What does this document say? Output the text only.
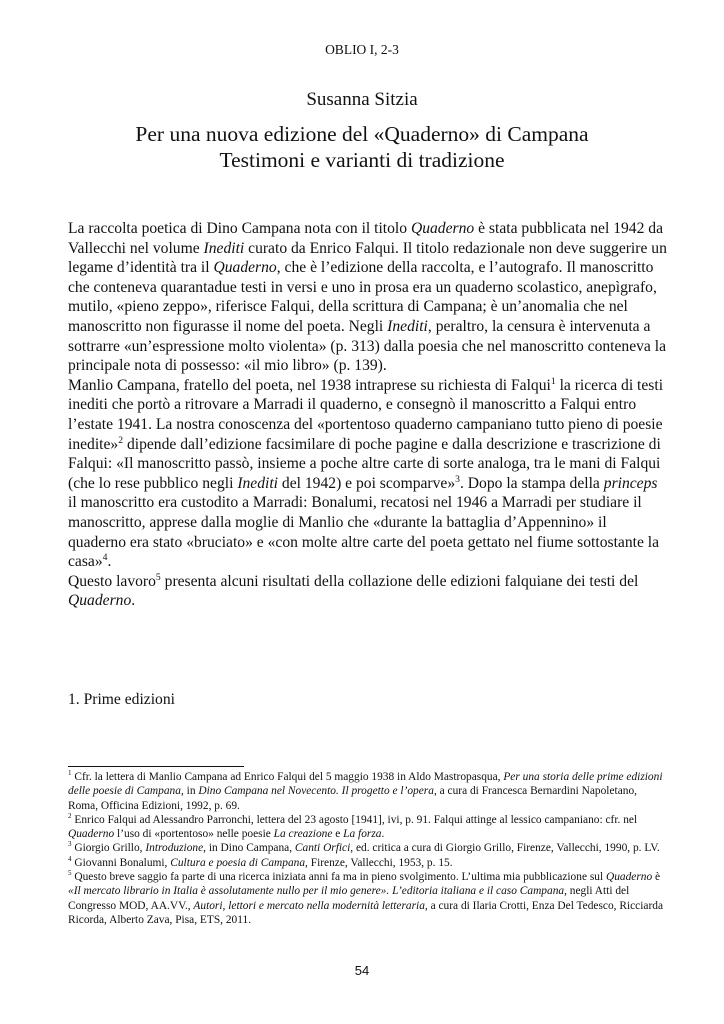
OBLIO I, 2-3
Susanna Sitzia
Per una nuova edizione del «Quaderno» di Campana
Testimoni e varianti di tradizione

La raccolta poetica di Dino Campana nota con il titolo Quaderno è stata pubblicata nel 1942 da Vallecchi nel volume Inediti curato da Enrico Falqui. Il titolo redazionale non deve suggerire un legame d’identità tra il Quaderno, che è l’edizione della raccolta, e l’autografo. Il manoscritto che conteneva quarantadue testi in versi e uno in prosa era un quaderno scolastico, anepìgrafo, mutilo, «pieno zeppo», riferisce Falqui, della scrittura di Campana; è un’anomalia che nel manoscritto non figurasse il nome del poeta. Negli Inediti, peraltro, la censura è intervenuta a sottrarre «un’espressione molto violenta» (p. 313) dalla poesia che nel manoscritto conteneva la principale nota di possesso: «il mio libro» (p. 139).

Manlio Campana, fratello del poeta, nel 1938 intraprese su richiesta di Falqui$^1$ la ricerca di testi inediti che portò a ritrovare a Marradi il quaderno, e consegnò il manoscritto a Falqui entro l’estate 1941. La nostra conoscenza del «portentoso quaderno campaniano tutto pieno di poesie inedite»$^2$ dipende dall’edizione facsimilare di poche pagine e dalla descrizione e trascrizione di Falqui: «Il manoscritto passò, insieme a poche altre carte di sorte analoga, tra le mani di Falqui (che lo rese pubblico negli Inediti del 1942) e poi scomparve»$^3$. Dopo la stampa della princeps il manoscritto era custodito a Marradi: Bonalumi, recatosi nel 1946 a Marradi per studiare il manoscritto, apprese dalla moglie di Manlio che «durante la battaglia d’Appennino» il quaderno era stato «bruciato» e «con molte altre carte del poeta gettato nel fiume sottostante la casa»$^4$.

Questo lavoro$^5$ presenta alcuni risultati della collazione delle edizioni falquiane dei testi del Quaderno.

1. Prime edizioni

$^1$ Cfr. la lettera di Manlio Campana ad Enrico Falqui del 5 maggio 1938 in Aldo Mastropasqua, Per una storia delle prime edizioni delle poesie di Campana, in Dino Campana nel Novecento. Il progetto e l’opera, a cura di Francesca Bernardini Napoletano, Roma, Officina Edizioni, 1992, p. 69.

$^2$ Enrico Falqui ad Alessandro Parronchi, lettera del 23 agosto [1941], ivi, p. 91. Falqui attinge al lessico campaniano: cfr. nel Quaderno l’uso di «portentoso» nelle poesie La creazione e La forza.

$^3$ Giorgio Grillo, Introduzione, in Dino Campana, Canti Orfici, ed. critica a cura di Giorgio Grillo, Firenze, Vallecchi, 1990, p. LV.

$^4$ Giovanni Bonalumi, Cultura e poesia di Campana, Firenze, Vallecchi, 1953, p. 15.

$^5$ Questo breve saggio fa parte di una ricerca iniziata anni fa ma in pieno svolgimento. L’ultima mia pubblicazione sul Quaderno è «Il mercato librario in Italia è assolutamente nullo per il mio genere». L’editoria italiana e il caso Campana, negli Atti del Congresso MOD, AA.VV., Autori, lettori e mercato nella modernità letteraria, a cura di Ilaria Crotti, Enza Del Tedesco, Ricciarda Ricorda, Alberto Zava, Pisa, ETS, 2011.

54
